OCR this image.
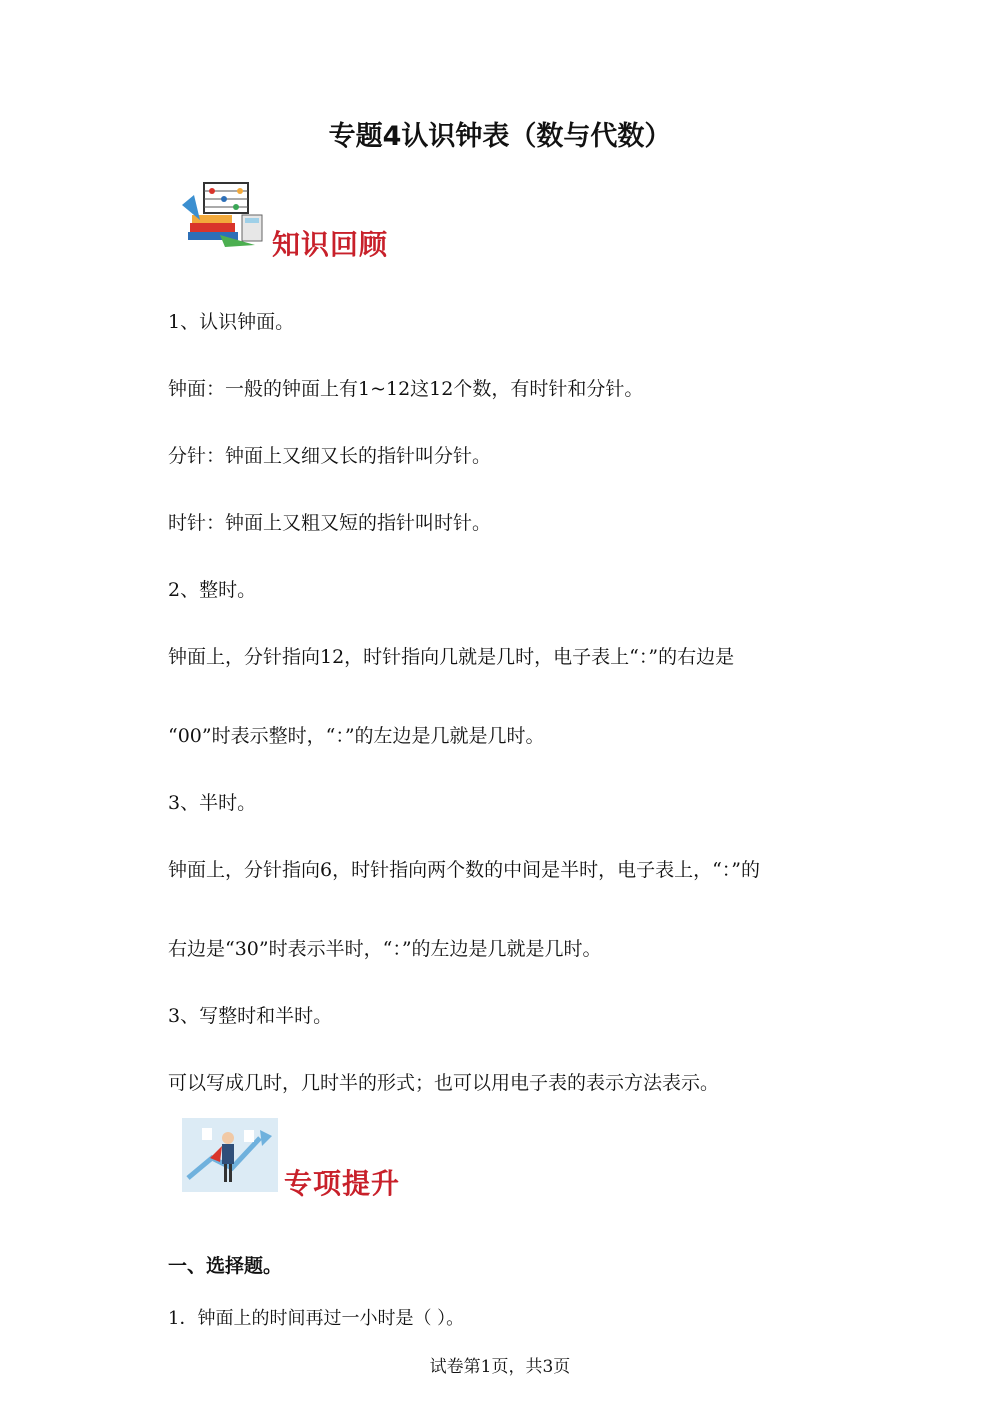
专题4认识钟表（数与代数）
知识回顾
1、认识钟面。
钟面：一般的钟面上有1~12这12个数，有时针和分针。
分针：钟面上又细又长的指针叫分针。
时针：钟面上又粗又短的指针叫时针。
2、整时。
钟面上，分针指向12，时针指向几就是几时，电子表上“：”的右边是
“00”时表示整时，“：”的左边是几就是几时。
3、半时。
钟面上，分针指向6，时针指向两个数的中间是半时，电子表上，“：”的
右边是“30”时表示半时，“：”的左边是几就是几时。
3、写整时和半时。
可以写成几时，几时半的形式；也可以用电子表的表示方法表示。
专项提升
一、选择题。
1．钟面上的时间再过一小时是（ ）。
试卷第1页，共3页
